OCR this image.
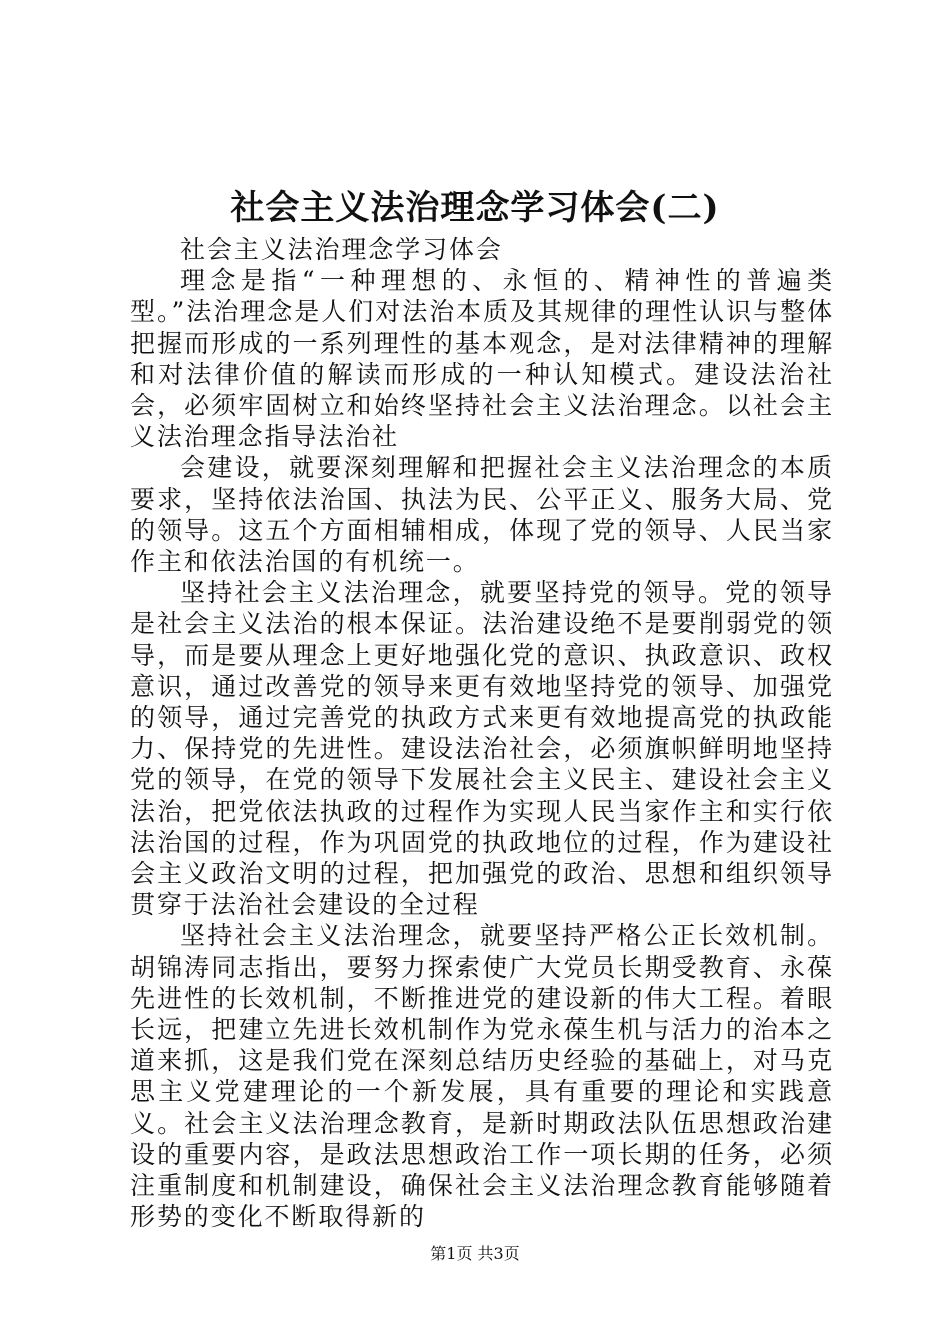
社会主义法治理念学习体会(二)

社会主义法治理念学习体会

理念是指“一种理想的、永恒的、精神性的普遍类型。”法治理念是人们对法治本质及其规律的理性认识与整体把握而形成的一系列理性的基本观念，是对法律精神的理解和对法律价值的解读而形成的一种认知模式。建设法治社会，必须牢固树立和始终坚持社会主义法治理念。以社会主义法治理念指导法治社

会建设，就要深刻理解和把握社会主义法治理念的本质要求，坚持依法治国、执法为民、公平正义、服务大局、党的领导。这五个方面相辅相成，体现了党的领导、人民当家作主和依法治国的有机统一。

坚持社会主义法治理念，就要坚持党的领导。党的领导是社会主义法治的根本保证。法治建设绝不是要削弱党的领导，而是要从理念上更好地强化党的意识、执政意识、政权意识，通过改善党的领导来更有效地坚持党的领导、加强党的领导，通过完善党的执政方式来更有效地提高党的执政能力、保持党的先进性。建设法治社会，必须旗帜鲜明地坚持党的领导，在党的领导下发展社会主义民主、建设社会主义法治，把党依法执政的过程作为实现人民当家作主和实行依法治国的过程，作为巩固党的执政地位的过程，作为建设社会主义政治文明的过程，把加强党的政治、思想和组织领导贯穿于法治社会建设的全过程

坚持社会主义法治理念，就要坚持严格公正长效机制。胡锦涛同志指出，要努力探索使广大党员长期受教育、永葆先进性的长效机制，不断推进党的建设新的伟大工程。着眼长远，把建立先进长效机制作为党永葆生机与活力的治本之道来抓，这是我们党在深刻总结历史经验的基础上，对马克思主义党建理论的一个新发展，具有重要的理论和实践意义。社会主义法治理念教育，是新时期政法队伍思想政治建设的重要内容，是政法思想政治工作一项长期的任务，必须注重制度和机制建设，确保社会主义法治理念教育能够随着形势的变化不断取得新的

第1页 共3页
